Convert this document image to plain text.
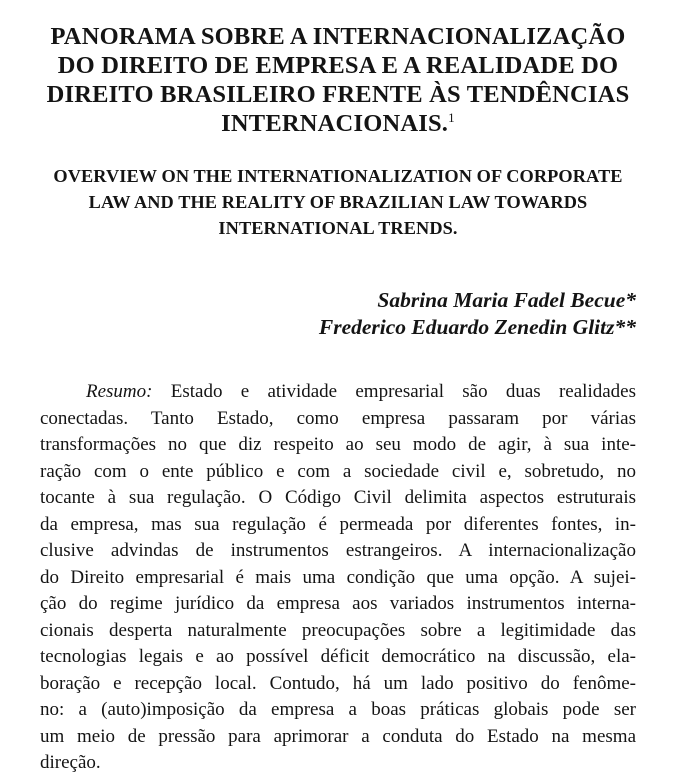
PANORAMA SOBRE A INTERNACIONALIZAÇÃO
DO DIREITO DE EMPRESA E A REALIDADE DO
DIREITO BRASILEIRO FRENTE ÀS TENDÊNCIAS
INTERNACIONAIS.$^1$
OVERVIEW ON THE INTERNATIONALIZATION OF CORPORATE
LAW AND THE REALITY OF BRAZILIAN LAW TOWARDS
INTERNATIONAL TRENDS.
Sabrina Maria Fadel Becue*
Frederico Eduardo Zenedin Glitz**
Resumo: Estado e atividade empresarial são duas realidades
conectadas. Tanto Estado, como empresa passaram por várias
transformações no que diz respeito ao seu modo de agir, à sua inte-
ração com o ente público e com a sociedade civil e, sobretudo, no
tocante à sua regulação. O Código Civil delimita aspectos estruturais
da empresa, mas sua regulação é permeada por diferentes fontes, in-
clusive advindas de instrumentos estrangeiros. A internacionalização
do Direito empresarial é mais uma condição que uma opção. A sujei-
ção do regime jurídico da empresa aos variados instrumentos interna-
cionais desperta naturalmente preocupações sobre a legitimidade das
tecnologias legais e ao possível déficit democrático na discussão, ela-
boração e recepção local. Contudo, há um lado positivo do fenôme-
no: a (auto)imposição da empresa a boas práticas globais pode ser
um meio de pressão para aprimorar a conduta do Estado na mesma
direção.
